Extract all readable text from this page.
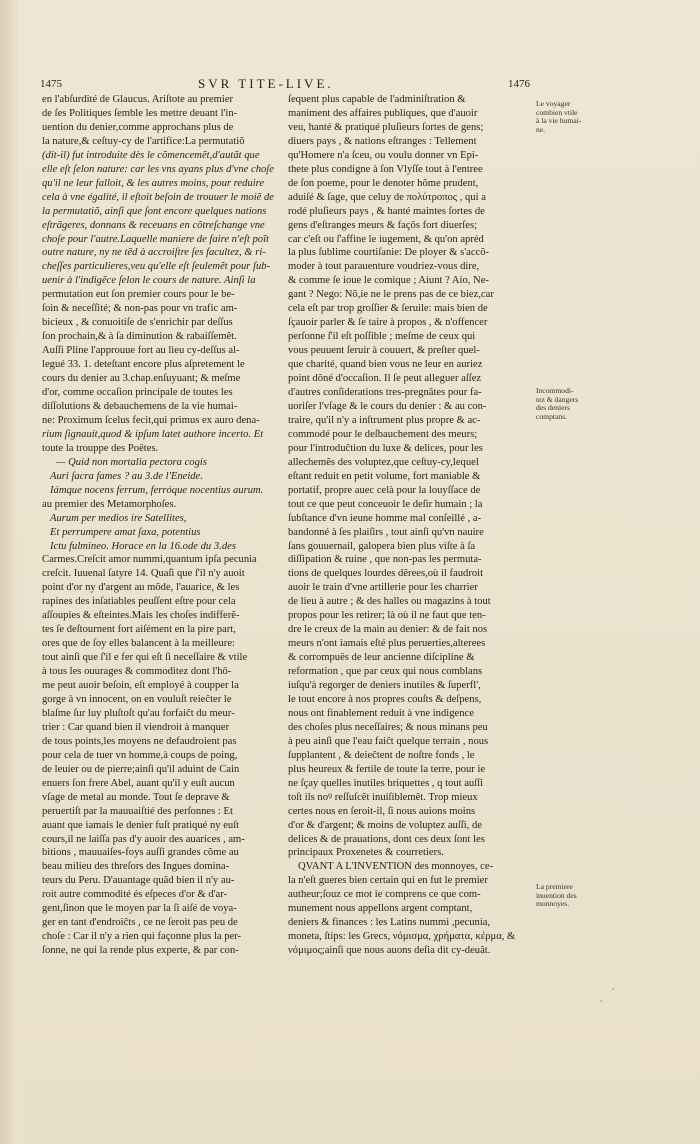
1475	SVR TITE-LIVE.	1476
en l'abſurdité de Glaucus. Ariſtote au premier
de ſes Politiques ſemble les mettre deuant l'in-
uention du denier,comme approchans plus de
la nature,& ceſtuy-cy de l'artifice:La permutatiõ
(dit-il) fut introduite dès le cõmencemẽt,d'autãt que
elle eſt ſelon nature: car les vns ayans plus d'vne choſe
qu'il ne leur falloit, & les autres moins, pour reduire
cela à vne égalité, il eſtoit beſoin de trouuer le moiẽ de
la permutatiõ, ainſi que ſont encore quelques nations
eſtrãgeres, donnans & receuans en cõtreſchange vne
choſe pour l'autre.Laquelle maniere de faire n'eſt poĩt
outre nature, ny ne tẽd à accroiſtre ſes facultez, & ri-
cheſſes particulieres,veu qu'elle eſt ſeulemẽt pour ſub-
uenir à l'indigẽce ſelon le cours de nature. Ainſi la
permutation eut ſon premier cours pour le be-
ſoin & neceſſité; & non-pas pour vn trafic am-
bicieux , & conuoitiſe de s'enrichir par deſſus
ſon prochain,& à ſa diminution & rabaiſſemẽt.
Auſſi Pline l'approuue fort au lieu cy-deſſus al-
legué 33. 1. deteſtant encore plus aſpretement le
cours du denier au 3.chap.enſuyuant; & meſme
d'or, comme occaſion principale de toutes les
diſſolutions & debauchemens de la vie humai-
ne: Proximum ſcelus fecit,qui primus ex auro dena-
rium ſignauit,quod & ipſum latet authore incerto. Et
toute la trouppe des Poëtes.
— Quid non mortalia pectora cogis
Auri ſacra fames ? au 3.de l'Eneide.
Iámque nocens ferrum, ferróque nocentius aurum.
au premier des Metamorphoſes.
Aurum per medios ire Satellites,
Et perrumpere amat ſaxa, potentius
Ictu fulmineo. Horace en la 16.ode du 3.des
Carmes.Creſcit amor nummi,quantum ipſa pecunia
creſcit. Iuuenal ſatyre 14. Quaſi que ſ'il n'y auoit
point d'or ny d'argent au mõde, l'auarice, & les
rapines des inſatiables peuſſent eſtre pour cela
aſſoupies & eſteintes.Mais les choſes indifferẽ-
tes ſe deſtournent fort aiſément en la pire part,
ores que de ſoy elles balancent à la meilleure:
tout ainſi que ſ'il e fer qui eſt ſi neceſſaire & vtile
à tous les ouurages & commoditez dont l'hõ-
me peut auoir beſoin, eſt employé à coupper la
gorge à vn innocent, on en vouluſt reieĉter le
blaſme ſur luy pluſtoſt qu'au forfaiĉt du meur-
trier : Car quand bien il viendroit à manquer
de tous points,les moyens ne defaudroient pas
pour cela de tuer vn homme,à coups de poing,
de leuier ou de pierre;ainſi qu'il aduint de Cain
enuers ſon frere Abel, auant qu'il y euſt aucun
vſage de metal au monde. Tout ſe deprave &
peruertiſt par la mauuaiſtié des perſonnes : Et
auant que iamais le denier fuſt pratiqué ny euſt
cours,il ne laiſſa pas d'y auoir des auarices , am-
bitions , mauuaiſes-foys auſſi grandes cõme au
beau milieu des threſors des Ingues domina-
teurs du Peru. D'auantage quãd bien il n'y au-
roit autre commodité és eſpeces d'or & d'ar-
gent,ſinon que le moyen par la ſi aiſé de voya-
ger en tant d'endroiĉts , ce ne ſeroit pas peu de
choſe : Car il n'y a rien qui façonne plus la per-
ſonne, ne qui la rende plus experte, & par con-
ſequent plus capable de l'adminiſtration &
maniment des affaires publiques, que d'auoir
veu, hanté & pratiqué pluſieurs ſortes de gens;
diuers pays , & nations eſtranges : Tellement
qu'Homere n'a ſceu, ou voulu donner vn Epi-
thete plus condigne à ſon Vlyſſe tout à l'entree
de ſon poeme, pour le denoter hõme prudent,
aduiſé & ſage, que celuy de πολύτροπος , qui a
rodé pluſieurs pays , & hanté maintes ſortes de
gens d'eſtranges meurs & façõs fort diuerſes;
car c'eſt ou ſ'affine le iugement, & qu'on apréd
la plus ſublime courtiſanie: De ployer & s'accõ-
moder à tout parauenture voudriez-vous dire,
& comme ſe ioue le comique ; Aiunt ? Aio, Ne-
gant ? Nego: Nõ,ie ne le prens pas de ce biez,car
cela eſt par trop groſſier & ſeruile: mais bien de
ſçauoir parler & ſe taire à propos , & n'offencer
perſonne ſ'il eſt poſſible ; meſme de ceux qui
vous peuuent ſeruir à couuert, & preſter quel-
que charité, quand bien vous ne leur en auriez
point dõné d'occaſion. Il ſe peut alleguer aſſez
d'autres conſiderations tres-pregnãtes pour fa-
uoriſer l'vſage & le cours du denier : & au con-
traire, qu'il n'y a inſtrument plus propre & ac-
commodé pour le deſbauchement des meurs;
pour l'introduĉtion du luxe & delices, pour les
allechemẽs des voluptez,que ceſtuy-cy,lequel
eſtant reduit en petit volume, fort maniable &
portatif, propre auec celà pour la louyſſace de
tout ce que peut conceuoir le deſir humain ; la
ſubſtance d'vn ieune homme mal conſeillé , a-
bandonné à ſes plaiſirs , tout ainſi qu'vn nauire
ſans gouuernail, galopera bien plus viſte à ſa
diſſipation & ruine , que non-pas les permuta-
tions de quelques lourdes dẽrees,où il faudroit
auoir le train d'vne artillerie pour les charrier
de lieu à autre ; & des halles ou magazins à tout
propos pour les retirer; là où il ne faut que ten-
dre le creux de la main au denier: & de fait nos
meurs n'ont iamais eſté plus peruerties,alterees
& corrompuës de leur ancienne diſcipline &
reformation , que par ceux qui nous comblans
iuſqu'à regorger de deniers inutiles & ſuperfl',
le tout encore à nos propres couſts & deſpens,
nous ont finablement reduit à vne indigence
des choſes plus neceſſaires; & nous minans peu
à peu ainſi que l'eau faiĉt quelque terrain , nous
ſupplantent , & deieĉtent de noſtre fonds , le
plus heureux & fertile de toute la terre, pour ie
ne ſçay quelles inutiles briquettes , q tout auſſi
toſt ils noꝰ reſſuſcẽt inuiſiblemẽt. Trop mieux
certes nous en ſeroit-il, ſi nous auions moins
d'or & d'argent; & moins de voluptez auſſi, de
delices & de prauations, dont ces deux ſont les
principaux Proxenetes & courretiers.
QVANT A L'INVENTION des monnoyes, ce-
la n'eſt gueres bien certain qui en fut le premier
autheur;ſouz ce mot ie comprens ce que com-
munement nous appellons argent comptant,
deniers & finances : les Latins nummi ,pecunia,
moneta, ſtips: les Grecs, νόμισμα, χρήματα, κέρμα, &
νόμιμος;ainſi que nous auons deſia dit cy-deuãt.
Le voyager
combien vtile
à la vie humai-
ne.
Incommodi-
tez & dangers
des deniers
comptans.
La premiere
inuention des
monnoyes.
